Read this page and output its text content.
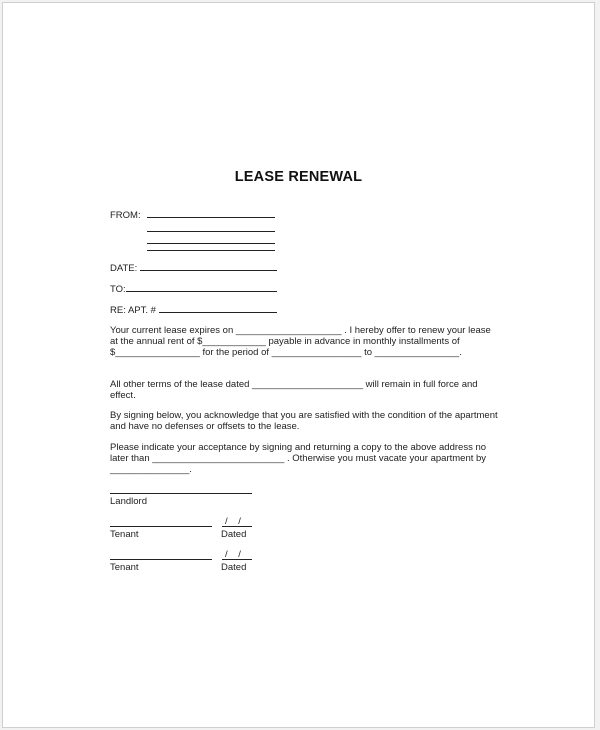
LEASE RENEWAL
FROM:
DATE:
TO:
RE: APT. #
Your current lease expires on ____________________ . I hereby offer to renew your lease at the annual rent of $____________ payable in advance in monthly installments of $________________ for the period of _________________ to ________________.
All other terms of the lease dated _____________________ will remain in full force and effect.
By signing below, you acknowledge that you are satisfied with the condition of the apartment and have no defenses or offsets to the lease.
Please indicate your acceptance by signing and returning a copy to the above address no later than _________________________ . Otherwise you must vacate your apartment by _______________.
Landlord
/ /
Tenant	Dated
/ /
Tenant	Dated
